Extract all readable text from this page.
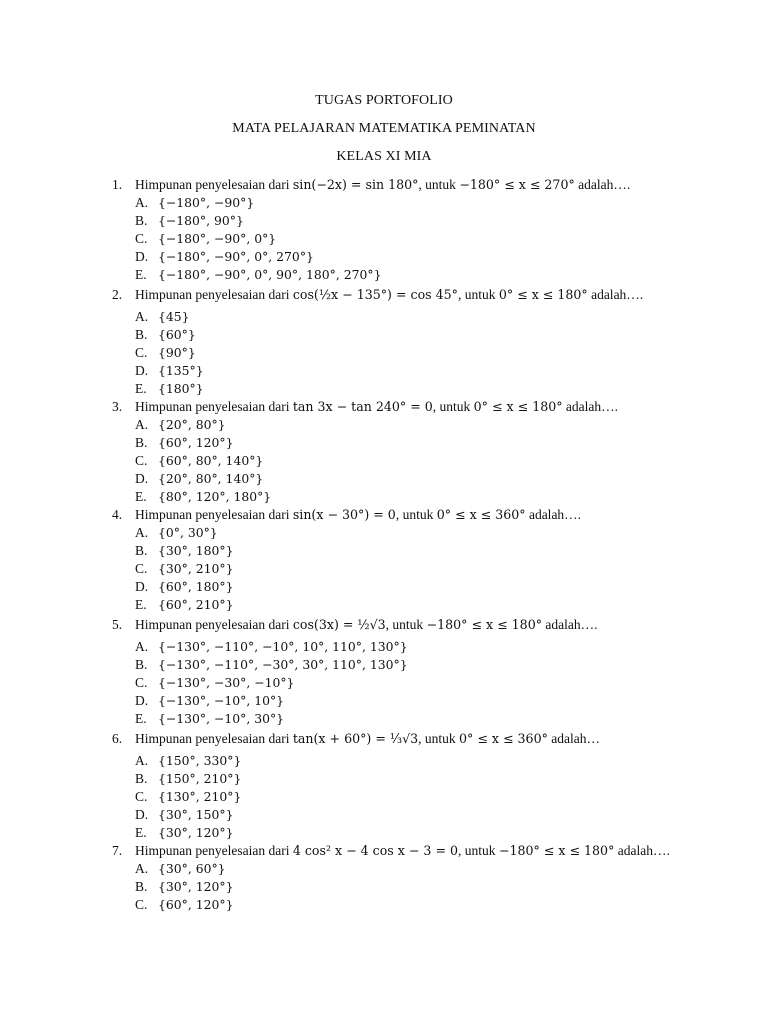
TUGAS PORTOFOLIO
MATA PELAJARAN MATEMATIKA PEMINATAN
KELAS XI MIA
1. Himpunan penyelesaian dari sin(−2x) = sin 180°, untuk −180° ≤ x ≤ 270° adalah….
A. {−180°, −90°}
B. {−180°, 90°}
C. {−180°, −90°, 0°}
D. {−180°, −90°, 0°, 270°}
E. {−180°, −90°, 0°, 90°, 180°, 270°}
2. Himpunan penyelesaian dari cos(½x − 135°) = cos 45°, untuk 0° ≤ x ≤ 180° adalah….
A. {45}
B. {60°}
C. {90°}
D. {135°}
E. {180°}
3. Himpunan penyelesaian dari tan 3x − tan 240° = 0, untuk 0° ≤ x ≤ 180° adalah….
A. {20°, 80°}
B. {60°, 120°}
C. {60°, 80°, 140°}
D. {20°, 80°, 140°}
E. {80°, 120°, 180°}
4. Himpunan penyelesaian dari sin(x − 30°) = 0, untuk 0° ≤ x ≤ 360° adalah….
A. {0°, 30°}
B. {30°, 180°}
C. {30°, 210°}
D. {60°, 180°}
E. {60°, 210°}
5. Himpunan penyelesaian dari cos(3x) = ½√3, untuk −180° ≤ x ≤ 180° adalah….
A. {−130°, −110°, −10°, 10°, 110°, 130°}
B. {−130°, −110°, −30°, 30°, 110°, 130°}
C. {−130°, −30°, −10°}
D. {−130°, −10°, 10°}
E. {−130°, −10°, 30°}
6. Himpunan penyelesaian dari tan(x + 60°) = ⅓√3, untuk 0° ≤ x ≤ 360° adalah…
A. {150°, 330°}
B. {150°, 210°}
C. {130°, 210°}
D. {30°, 150°}
E. {30°, 120°}
7. Himpunan penyelesaian dari 4 cos² x − 4 cos x − 3 = 0, untuk −180° ≤ x ≤ 180° adalah….
A. {30°, 60°}
B. {30°, 120°}
C. {60°, 120°}
